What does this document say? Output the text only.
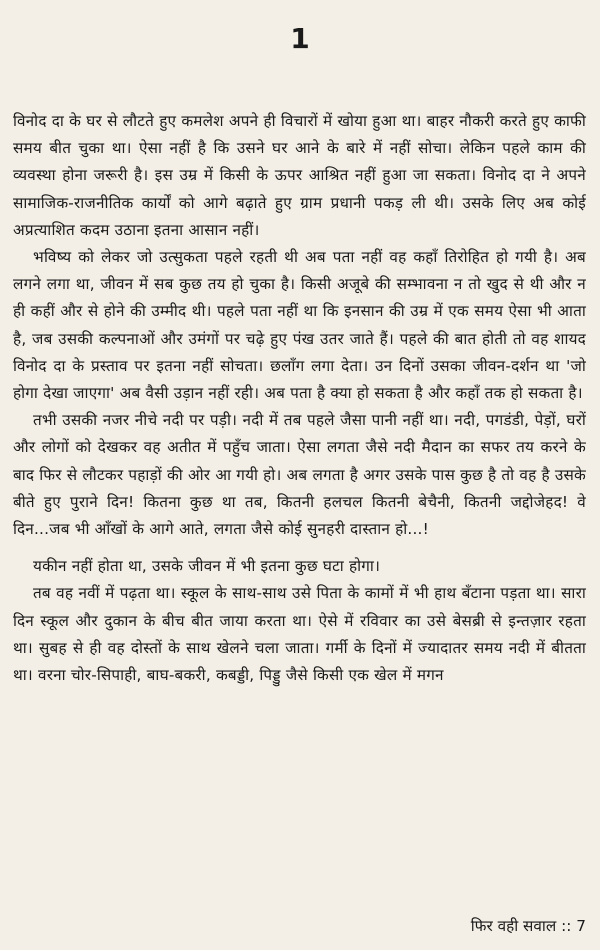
1

विनोद दा के घर से लौटते हुए कमलेश अपने ही विचारों में खोया हुआ था। बाहर नौकरी करते हुए काफी समय बीत चुका था। ऐसा नहीं है कि उसने घर आने के बारे में नहीं सोचा। लेकिन पहले काम की व्यवस्था होना जरूरी है। इस उम्र में किसी के ऊपर आश्रित नहीं हुआ जा सकता। विनोद दा ने अपने सामाजिक-राजनीतिक कार्यों को आगे बढ़ाते हुए ग्राम प्रधानी पकड़ ली थी। उसके लिए अब कोई अप्रत्याशित कदम उठाना इतना आसान नहीं।

भविष्य को लेकर जो उत्सुकता पहले रहती थी अब पता नहीं वह कहाँ तिरोहित हो गयी है। अब लगने लगा था, जीवन में सब कुछ तय हो चुका है। किसी अजूबे की सम्भावना न तो खुद से थी और न ही कहीं और से होने की उम्मीद थी। पहले पता नहीं था कि इनसान की उम्र में एक समय ऐसा भी आता है, जब उसकी कल्पनाओं और उमंगों पर चढ़े हुए पंख उतर जाते हैं। पहले की बात होती तो वह शायद विनोद दा के प्रस्ताव पर इतना नहीं सोचता। छलाँग लगा देता। उन दिनों उसका जीवन-दर्शन था 'जो होगा देखा जाएगा' अब वैसी उड़ान नहीं रही। अब पता है क्या हो सकता है और कहाँ तक हो सकता है।

तभी उसकी नजर नीचे नदी पर पड़ी। नदी में तब पहले जैसा पानी नहीं था। नदी, पगडंडी, पेड़ों, घरों और लोगों को देखकर वह अतीत में पहुँच जाता। ऐसा लगता जैसे नदी मैदान का सफर तय करने के बाद फिर से लौटकर पहाड़ों की ओर आ गयी हो। अब लगता है अगर उसके पास कुछ है तो वह है उसके बीते हुए पुराने दिन! कितना कुछ था तब, कितनी हलचल कितनी बेचैनी, कितनी जद्दोजेहद! वे दिन...जब भी आँखों के आगे आते, लगता जैसे कोई सुनहरी दास्तान हो...!

यकीन नहीं होता था, उसके जीवन में भी इतना कुछ घटा होगा।

तब वह नवीं में पढ़ता था। स्कूल के साथ-साथ उसे पिता के कामों में भी हाथ बँटाना पड़ता था। सारा दिन स्कूल और दुकान के बीच बीत जाया करता था। ऐसे में रविवार का उसे बेसब्री से इन्तज़ार रहता था। सुबह से ही वह दोस्तों के साथ खेलने चला जाता। गर्मी के दिनों में ज्यादातर समय नदी में बीतता था। वरना चोर-सिपाही, बाघ-बकरी, कबड्डी, पिड्डु जैसे किसी एक खेल में मगन

फिर वही सवाल :: 7
